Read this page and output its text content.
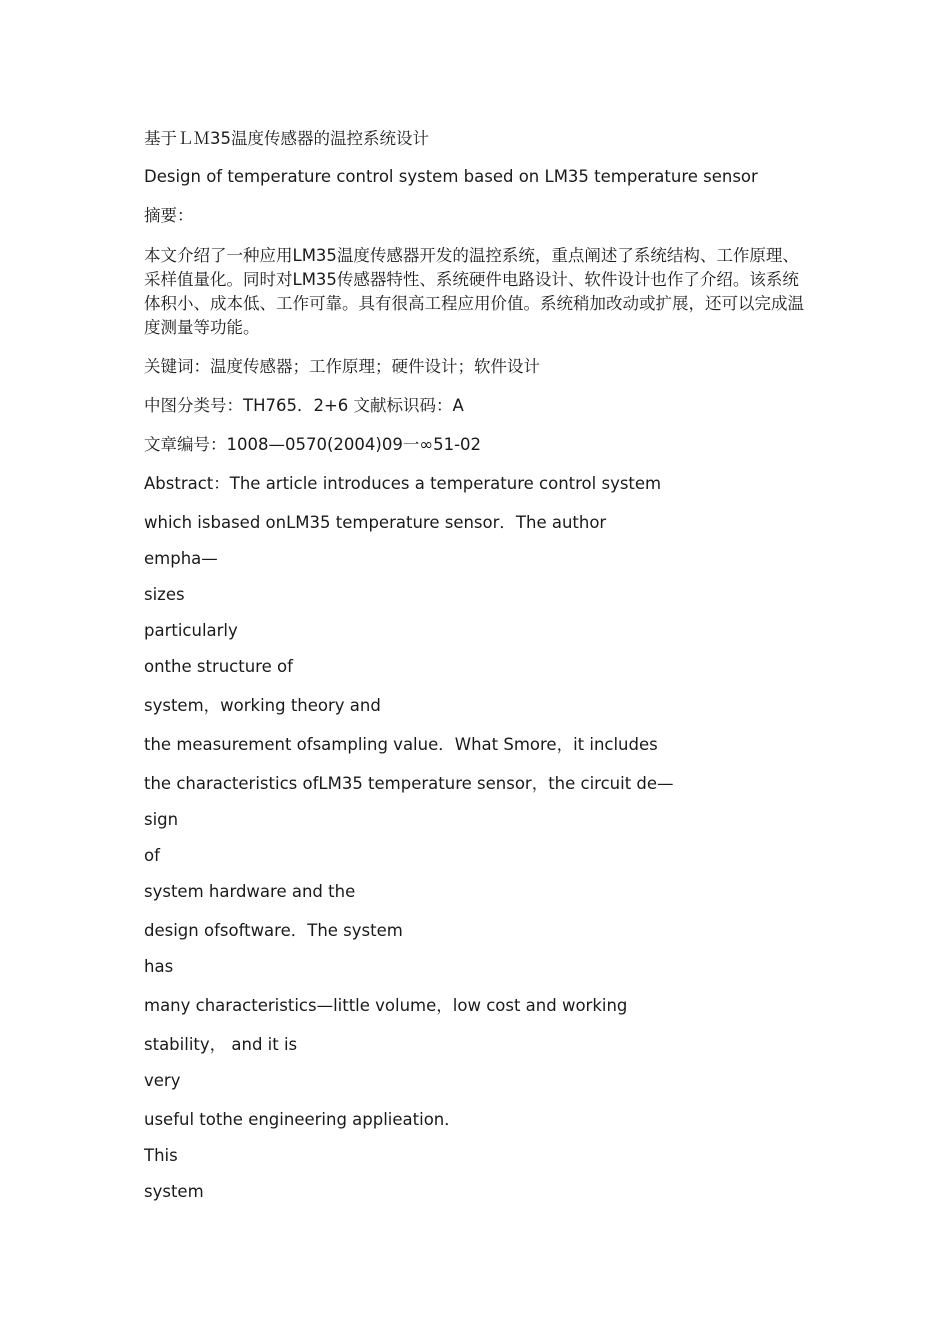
基于ＬＭ35温度传感器的温控系统设计

Design of temperature control system based on LM35 temperature sensor

摘要：

本文介绍了一种应用LM35温度传感器开发的温控系统，重点阐述了系统结构、工作原理、采样值量化。同时对LM35传感器特性、系统硬件电路设计、软件设计也作了介绍。该系统体积小、成本低、工作可靠。具有很高工程应用价值。系统稍加改动或扩展，还可以完成温度测量等功能。

关键词：温度传感器；工作原理；硬件设计；软件设计

中图分类号：TH765．2+6 文献标识码：A

文章编号：1008—0570(2004)09一∞51-02

Abstract：The article introduces a temperature control system

which isbased onLM35 temperature sensor．The author

empha—

sizes

particularly

onthe structure of

system，working theory and

the measurement ofsampling value．What Smore，it includes

the characteristics ofLM35 temperature sensor，the circuit de—

sign

of

system hardware and the

design ofsoftware．The system

has

many characteristics—little volume，low cost and working

stability， and it is

very

useful tothe engineering applieation．

This

system
